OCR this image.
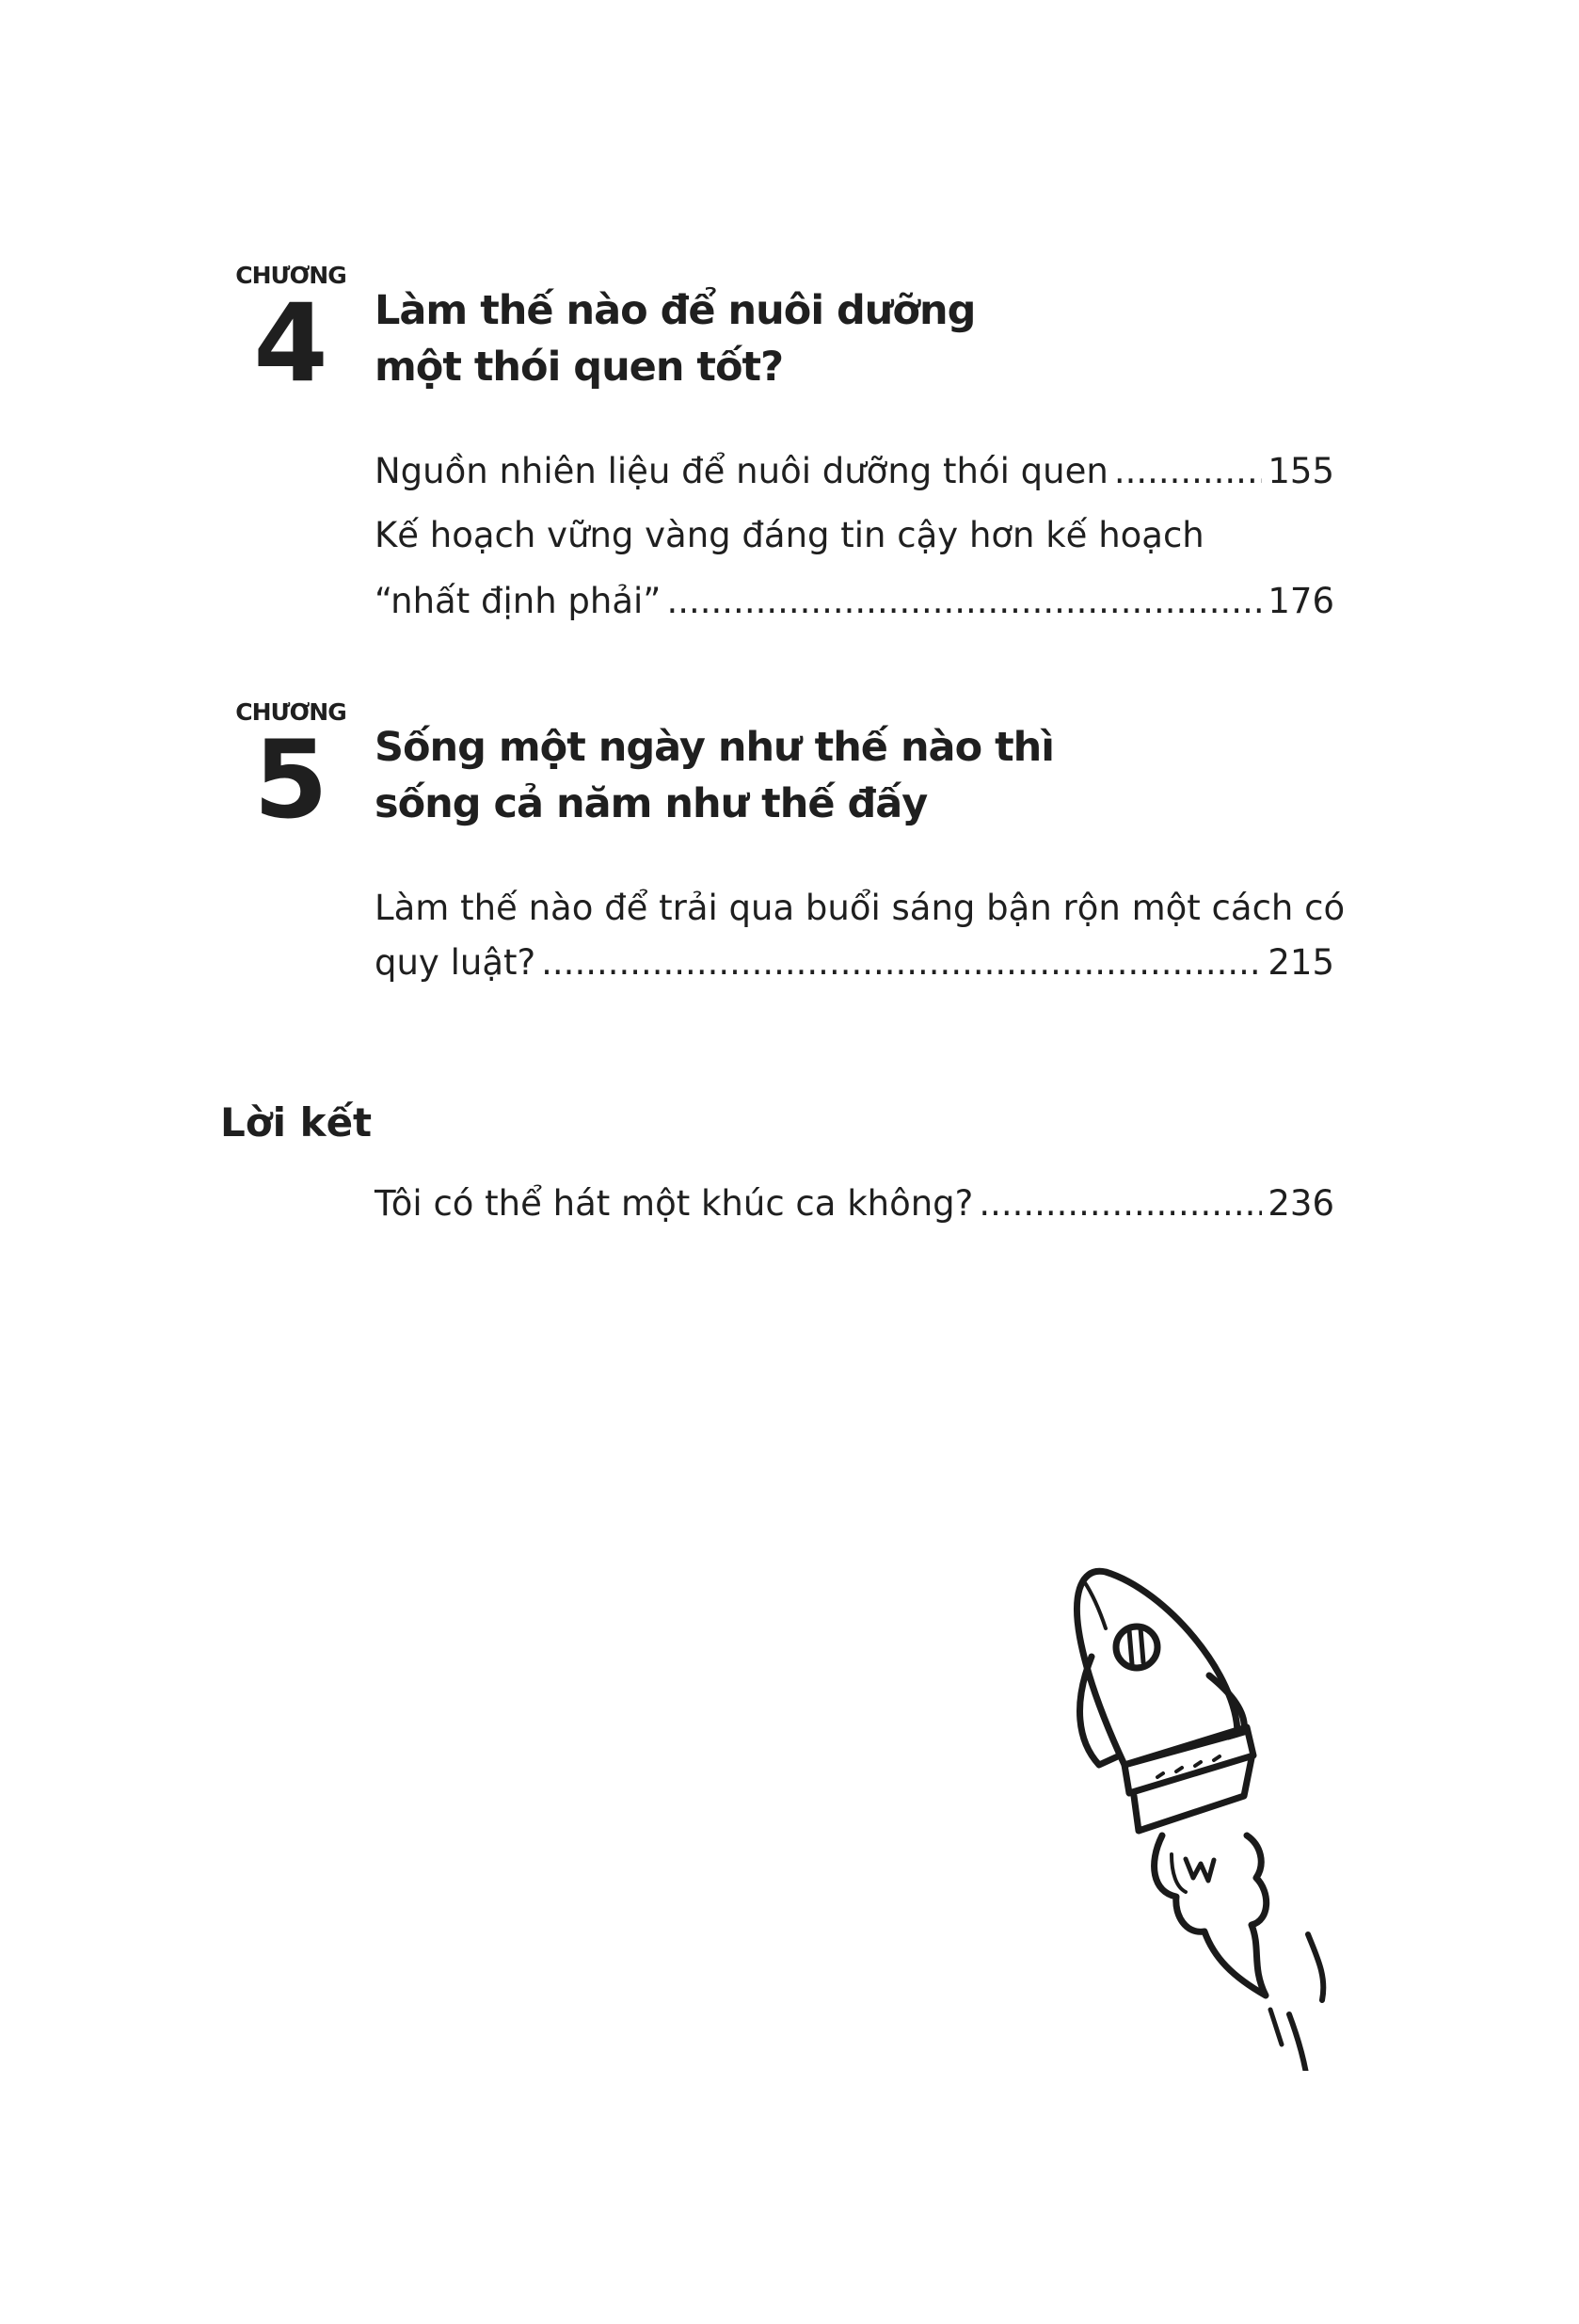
CHƯƠNG
4	Làm thế nào để nuôi dưỡng
một thói quen tốt?
Nguồn nhiên liệu để nuôi dưỡng thói quen .....	155
Kế hoạch vững vàng đáng tin cậy hơn kế hoạch
“nhất định phải” .....	176
CHƯƠNG
5	Sống một ngày như thế nào thì
sống cả năm như thế đấy
Làm thế nào để trải qua buổi sáng bận rộn một cách có
quy luật? .....	215
Lời kết
Tôi có thể hát một khúc ca không? .....	236
